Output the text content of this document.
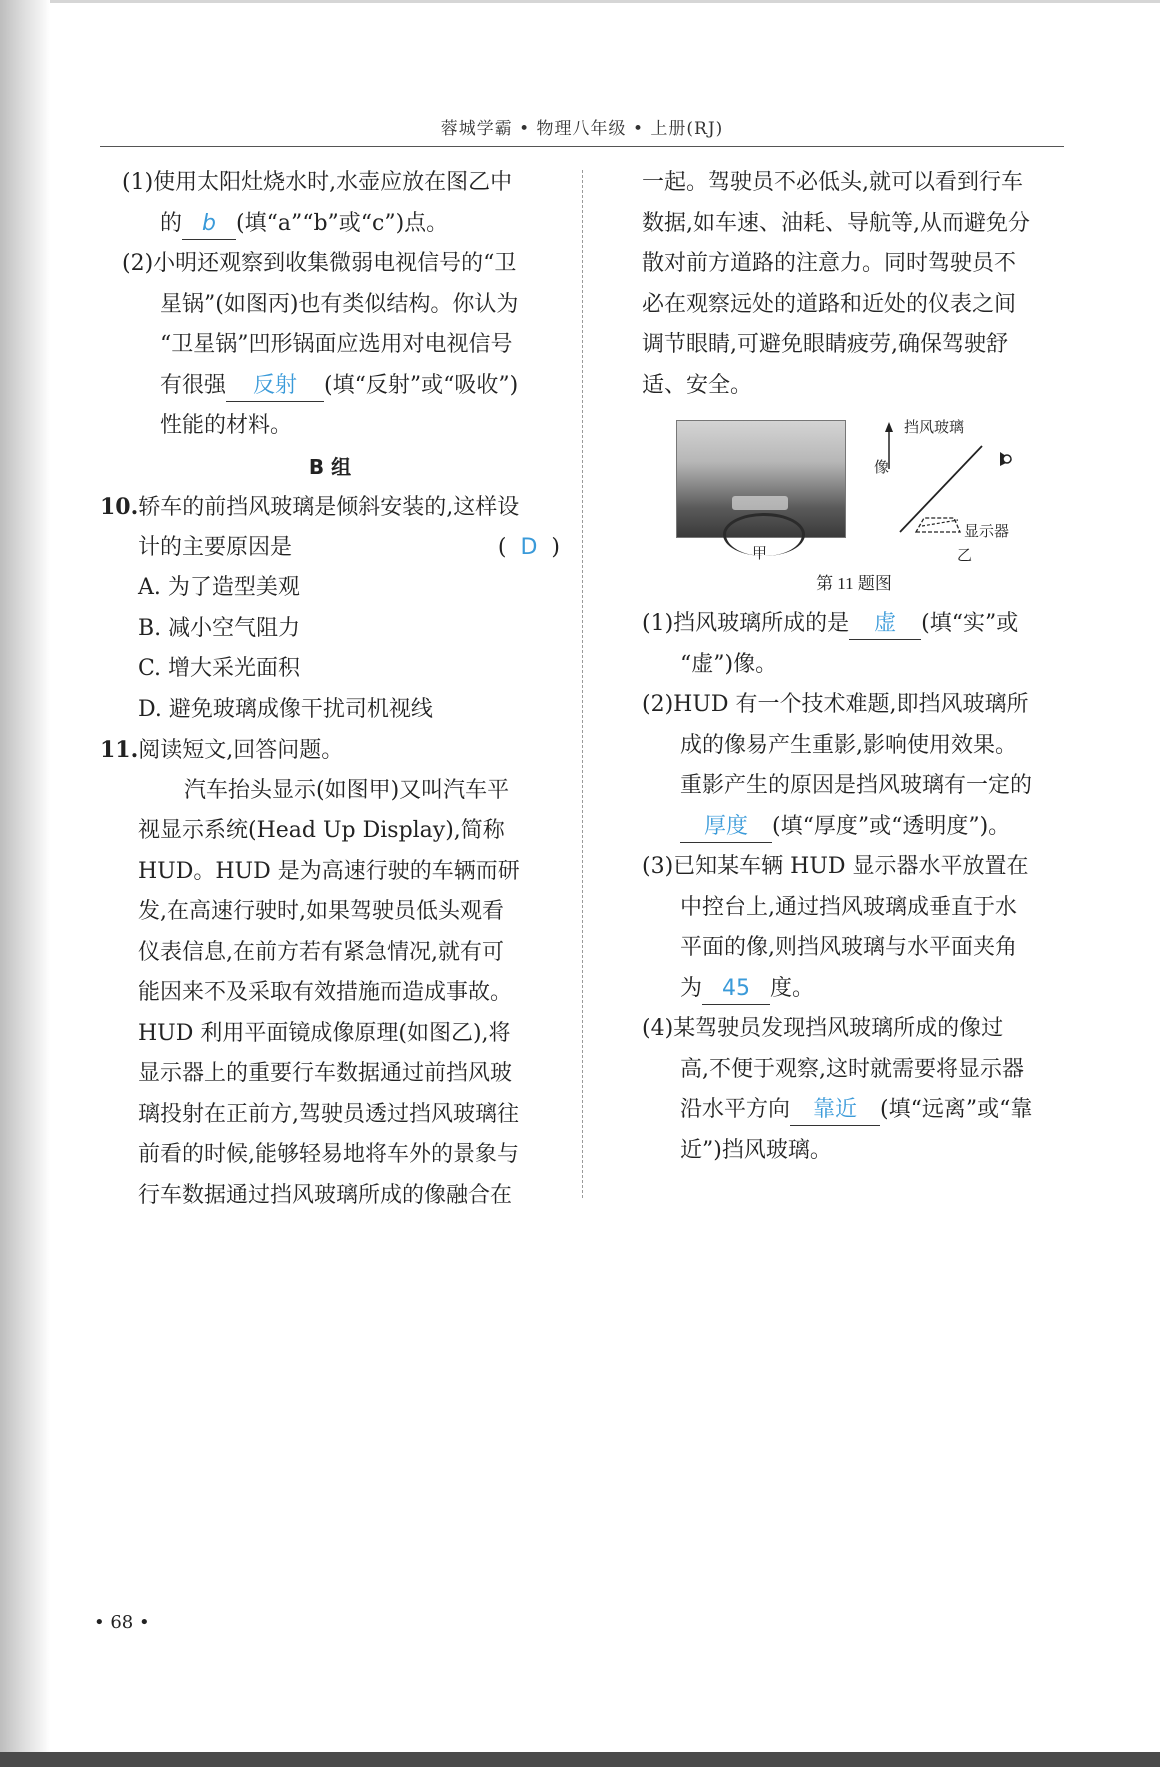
蓉城学霸 • 物理八年级 • 上册(RJ)
(1)使用太阳灶烧水时,水壶应放在图乙中
的 b (填“a”“b”或“c”)点。
(2)小明还观察到收集微弱电视信号的“卫
星锅”(如图丙)也有类似结构。你认为
“卫星锅”凹形锅面应选用对电视信号
有很强 反射 (填“反射”或“吸收”)
性能的材料。
B 组
10.轿车的前挡风玻璃是倾斜安装的,这样设
计的主要原因是	( D )
A. 为了造型美观
B. 减小空气阻力
C. 增大采光面积
D. 避免玻璃成像干扰司机视线
11.阅读短文,回答问题。
汽车抬头显示(如图甲)又叫汽车平
视显示系统(Head Up Display),简称
HUD。HUD 是为高速行驶的车辆而研
发,在高速行驶时,如果驾驶员低头观看
仪表信息,在前方若有紧急情况,就有可
能因来不及采取有效措施而造成事故。
HUD 利用平面镜成像原理(如图乙),将
显示器上的重要行车数据通过前挡风玻
璃投射在正前方,驾驶员透过挡风玻璃往
前看的时候,能够轻易地将车外的景象与
行车数据通过挡风玻璃所成的像融合在
一起。驾驶员不必低头,就可以看到行车
数据,如车速、油耗、导航等,从而避免分
散对前方道路的注意力。同时驾驶员不
必在观察远处的道路和近处的仪表之间
调节眼睛,可避免眼睛疲劳,确保驾驶舒
适、安全。
甲
挡风玻璃
像
显示器
乙
第 11 题图
(1)挡风玻璃所成的是 虚 (填“实”或
“虚”)像。
(2)HUD 有一个技术难题,即挡风玻璃所
成的像易产生重影,影响使用效果。
重影产生的原因是挡风玻璃有一定的
厚度 (填“厚度”或“透明度”)。
(3)已知某车辆 HUD 显示器水平放置在
中控台上,通过挡风玻璃成垂直于水
平面的像,则挡风玻璃与水平面夹角
为 45 度。
(4)某驾驶员发现挡风玻璃所成的像过
高,不便于观察,这时就需要将显示器
沿水平方向 靠近 (填“远离”或“靠
近”)挡风玻璃。
• 68 •
